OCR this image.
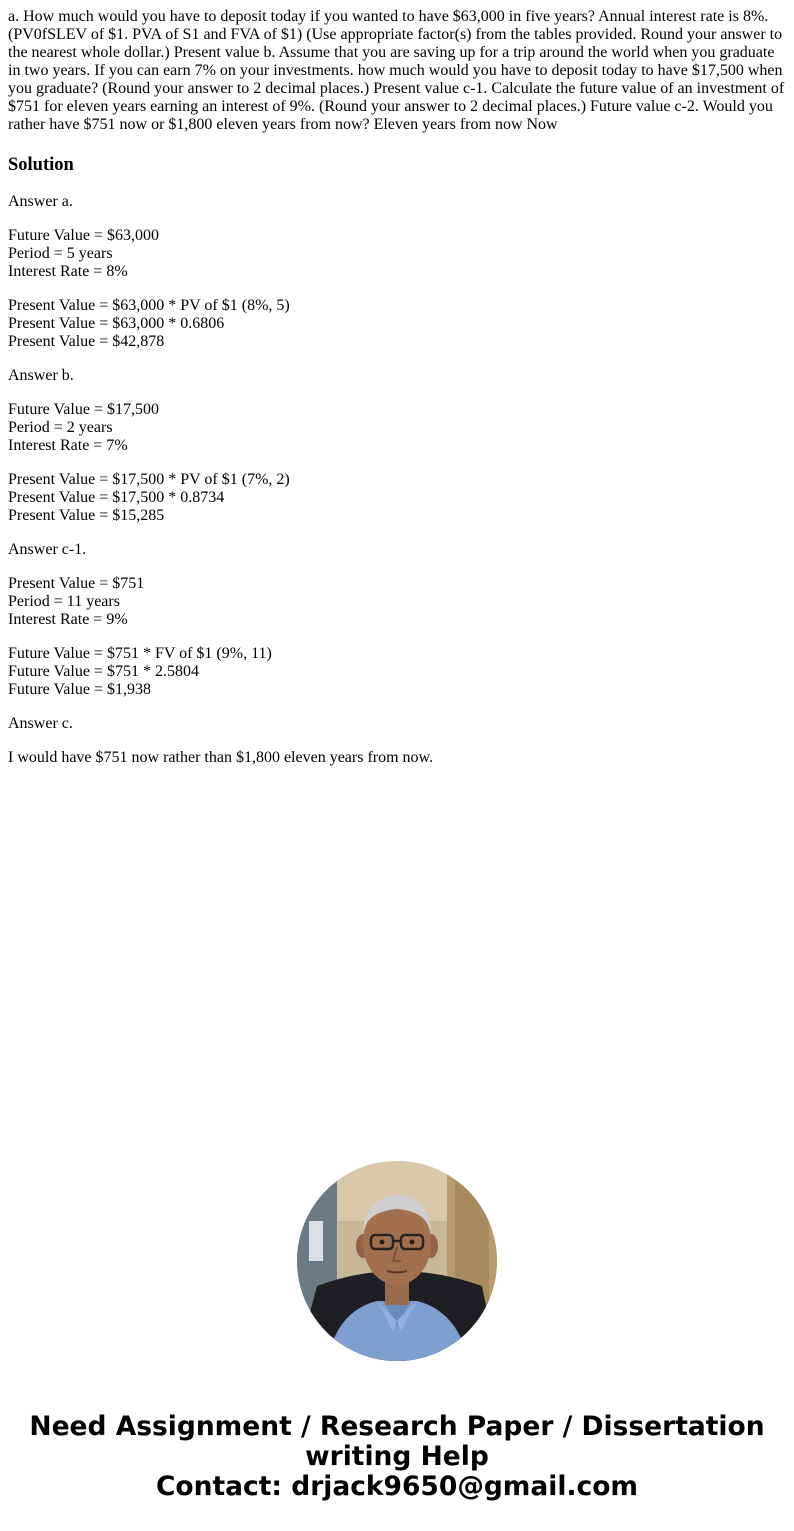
a. How much would you have to deposit today if you wanted to have $63,000 in five years? Annual interest rate is 8%. (PV0fSLEV of $1. PVA of S1 and FVA of $1) (Use appropriate factor(s) from the tables provided. Round your answer to the nearest whole dollar.) Present value b. Assume that you are saving up for a trip around the world when you graduate in two years. If you can earn 7% on your investments. how much would you have to deposit today to have $17,500 when you graduate? (Round your answer to 2 decimal places.) Present value c-1. Calculate the future value of an investment of $751 for eleven years earning an interest of 9%. (Round your answer to 2 decimal places.) Future value c-2. Would you rather have $751 now or $1,800 eleven years from now? Eleven years from now Now
Solution
Answer a.
Future Value = $63,000
Period = 5 years
Interest Rate = 8%
Present Value = $63,000 * PV of $1 (8%, 5)
Present Value = $63,000 * 0.6806
Present Value = $42,878
Answer b.
Future Value = $17,500
Period = 2 years
Interest Rate = 7%
Present Value = $17,500 * PV of $1 (7%, 2)
Present Value = $17,500 * 0.8734
Present Value = $15,285
Answer c-1.
Present Value = $751
Period = 11 years
Interest Rate = 9%
Future Value = $751 * FV of $1 (9%, 11)
Future Value = $751 * 2.5804
Future Value = $1,938
Answer c.
I would have $751 now rather than $1,800 eleven years from now.
Need Assignment / Research Paper / Dissertation
writing Help
Contact: drjack9650@gmail.com
